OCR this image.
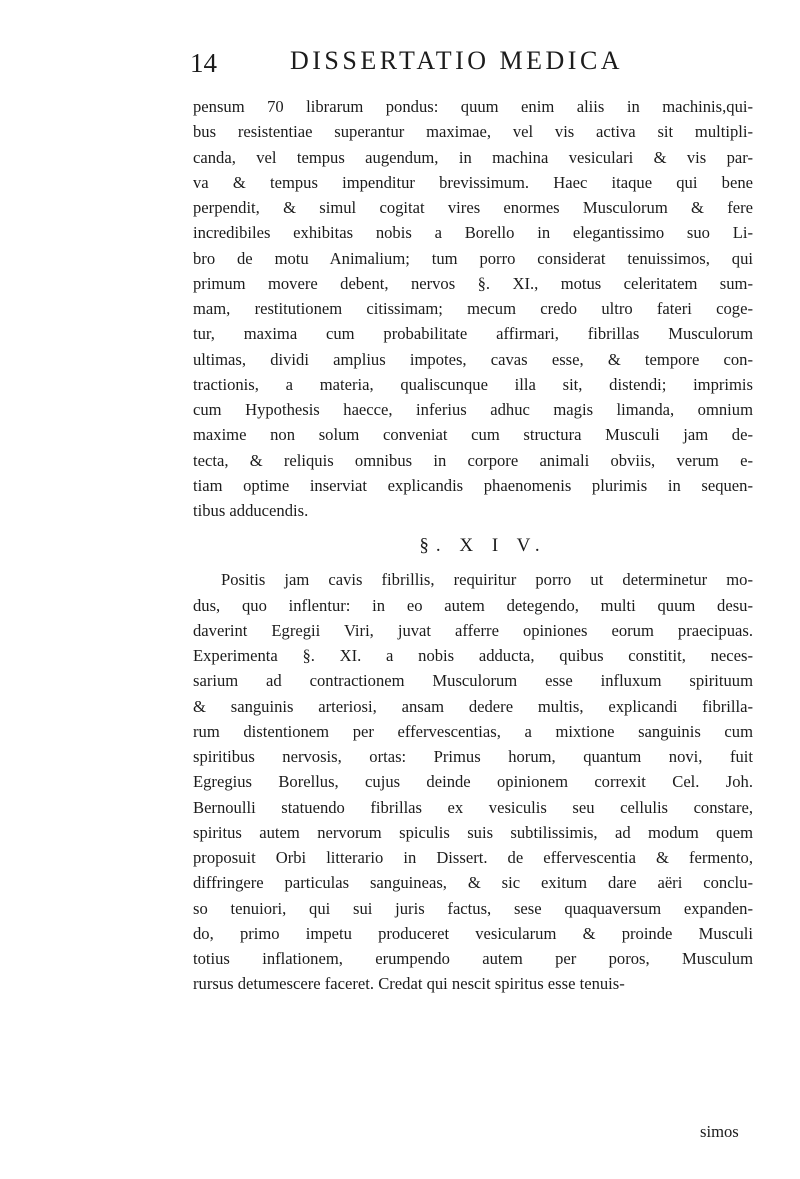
14	DISSERTATIO MEDICA
pensum 70 librarum pondus: quum enim aliis in machinis,qui-
bus resistentiae superantur maximae, vel vis activa sit multipli-
canda, vel tempus augendum, in machina vesiculari & vis par-
va & tempus impenditur brevissimum. Haec itaque qui bene
perpendit, & simul cogitat vires enormes Musculorum & fere
incredibiles exhibitas nobis a Borello in elegantissimo suo Li-
bro de motu Animalium; tum porro considerat tenuissimos, qui
primum movere debent, nervos §. XI., motus celeritatem sum-
mam, restitutionem citissimam; mecum credo ultro fateri coge-
tur, maxima cum probabilitate affirmari, fibrillas Musculorum
ultimas, dividi amplius impotes, cavas esse, & tempore con-
tractionis, a materia, qualiscunque illa sit, distendi; imprimis
cum Hypothesis haecce, inferius adhuc magis limanda, omnium
maxime non solum conveniat cum structura Musculi jam de-
tecta, & reliquis omnibus in corpore animali obviis, verum e-
tiam optime inserviat explicandis phaenomenis plurimis in sequen-
tibus adducendis.
§. X I V.
Positis jam cavis fibrillis, requiritur porro ut determinetur mo-
dus, quo inflentur: in eo autem detegendo, multi quum desu-
daverint Egregii Viri, juvat afferre opiniones eorum praecipuas.
Experimenta §. XI. a nobis adducta, quibus constitit, neces-
sarium ad contractionem Musculorum esse influxum spirituum
& sanguinis arteriosi, ansam dedere multis, explicandi fibrilla-
rum distentionem per effervescentias, a mixtione sanguinis cum
spiritibus nervosis, ortas: Primus horum, quantum novi, fuit
Egregius Borellus, cujus deinde opinionem correxit Cel. Joh.
Bernoulli statuendo fibrillas ex vesiculis seu cellulis constare,
spiritus autem nervorum spiculis suis subtilissimis, ad modum quem
proposuit Orbi litterario in Dissert. de effervescentia & fermento,
diffringere particulas sanguineas, & sic exitum dare aëri conclu-
so tenuiori, qui sui juris factus, sese quaquaversum expanden-
do, primo impetu produceret vesicularum & proinde Musculi
totius inflationem, erumpendo autem per poros, Musculum
rursus detumescere faceret. Credat qui nescit spiritus esse tenuis-
simos
